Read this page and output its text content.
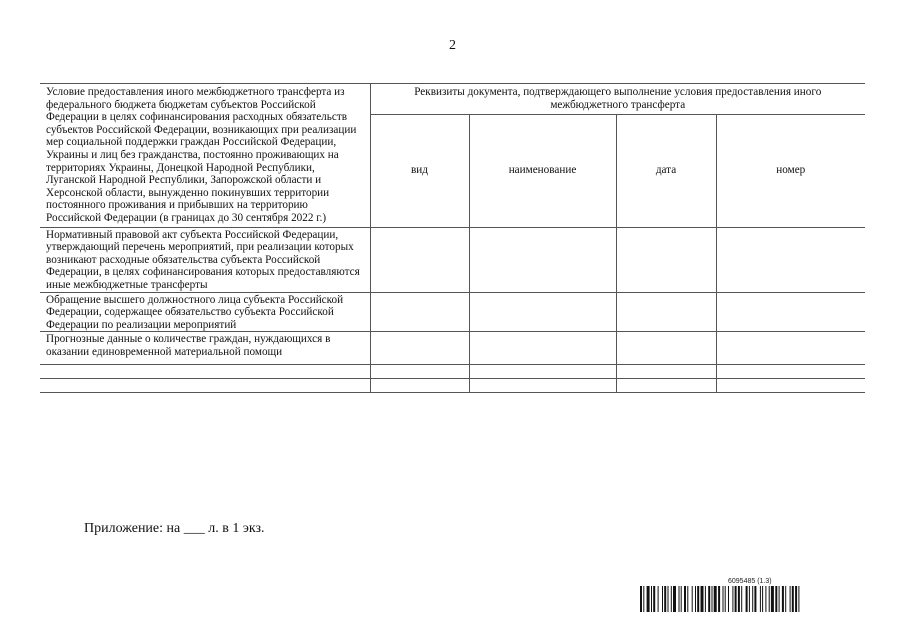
2
Условие предоставления иного межбюджетного трансферта из федерального бюджета бюджетам субъектов Российской Федерации в целях софинансирования расходных обязательств субъектов Российской Федерации, возникающих при реализации мер социальной поддержки граждан Российской Федерации, Украины и лиц без гражданства, постоянно проживающих на территориях Украины, Донецкой Народной Республики, Луганской Народной Республики, Запорожской области и Херсонской области, вынужденно покинувших территории постоянного проживания и прибывших на территорию Российской Федерации (в границах до 30 сентября 2022 г.)	Реквизиты документа, подтверждающего выполнение условия предоставления иного межбюджетного трансферта			
	вид	наименование	дата	номер
Нормативный правовой акт субъекта Российской Федерации, утверждающий перечень мероприятий, при реализации которых возникают расходные обязательства субъекта Российской Федерации, в целях софинансирования которых предоставляются иные межбюджетные трансферты				
Обращение высшего должностного лица субъекта Российской Федерации, содержащее обязательство субъекта Российской Федерации по реализации мероприятий				
Прогнозные данные о количестве граждан, нуждающихся в оказании единовременной материальной помощи				

Приложение: на ___ л. в 1 экз.
6095485 (1.3)
